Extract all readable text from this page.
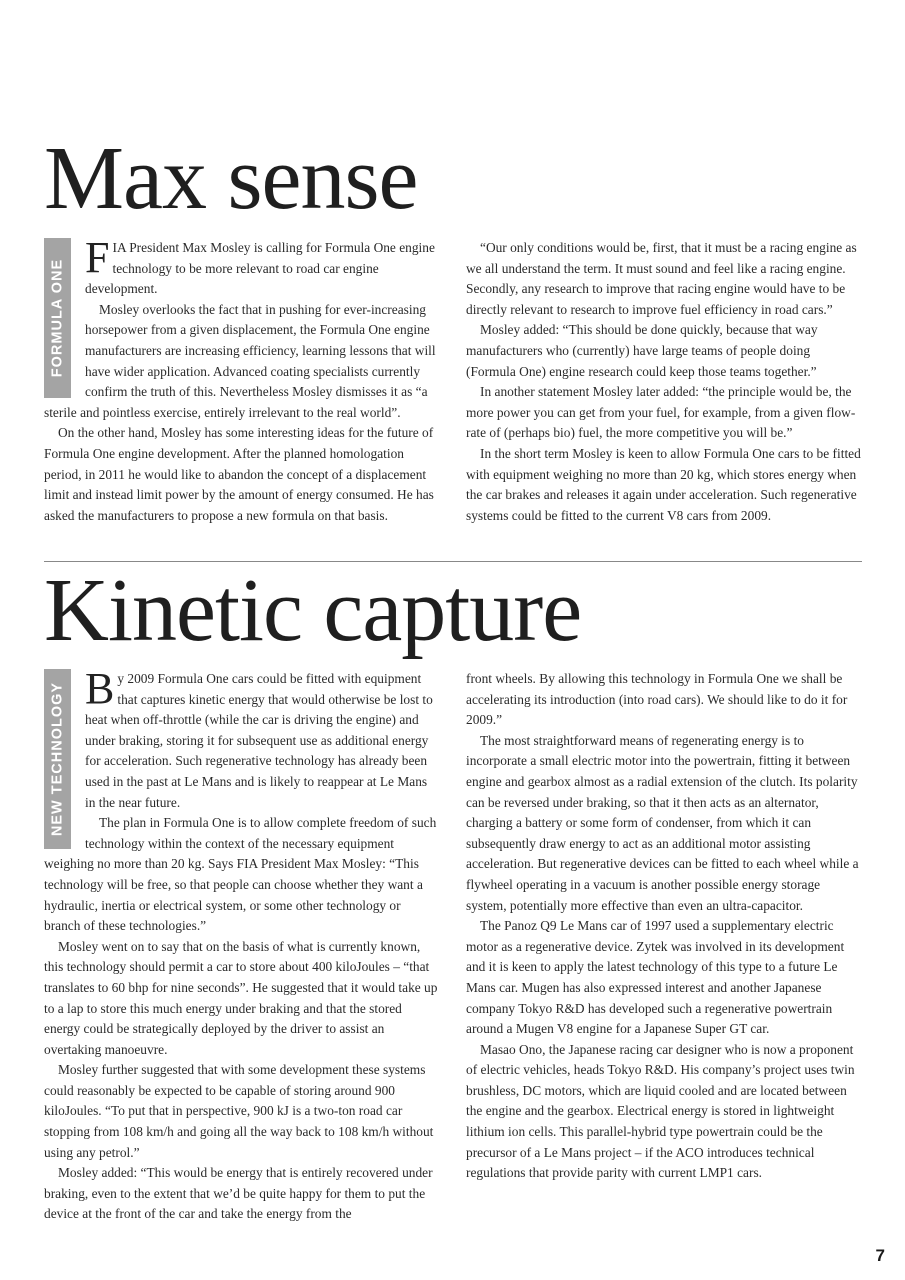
Max sense
FORMULA ONE
F IA President Max Mosley is calling for Formula One engine technology to be more relevant to road car engine development.

Mosley overlooks the fact that in pushing for ever-increasing horsepower from a given displacement, the Formula One engine manufacturers are increasing efficiency, learning lessons that will have wider application. Advanced coating specialists currently confirm the truth of this. Nevertheless Mosley dismisses it as “a sterile and pointless exercise, entirely irrelevant to the real world”.

On the other hand, Mosley has some interesting ideas for the future of Formula One engine development. After the planned homologation period, in 2011 he would like to abandon the concept of a displacement limit and instead limit power by the amount of energy consumed. He has asked the manufacturers to propose a new formula on that basis.

“Our only conditions would be, first, that it must be a racing engine as we all understand the term. It must sound and feel like a racing engine. Secondly, any research to improve that racing engine would have to be directly relevant to research to improve fuel efficiency in road cars.”

Mosley added: “This should be done quickly, because that way manufacturers who (currently) have large teams of people doing (Formula One) engine research could keep those teams together.”

In another statement Mosley later added: “the principle would be, the more power you can get from your fuel, for example, from a given flow-rate of (perhaps bio) fuel, the more competitive you will be.”

In the short term Mosley is keen to allow Formula One cars to be fitted with equipment weighing no more than 20 kg, which stores energy when the car brakes and releases it again under acceleration. Such regenerative systems could be fitted to the current V8 cars from 2009.

Kinetic capture
NEW TECHNOLOGY B y 2009 Formula One cars could be fitted with equipment that captures kinetic energy that would otherwise be lost to heat when off-throttle (while the car is driving the engine) and under braking, storing it for subsequent use as additional energy for acceleration. Such regenerative technology has already been used in the past at Le Mans and is likely to reappear at Le Mans in the near future.

The plan in Formula One is to allow complete freedom of such technology within the context of the necessary equipment weighing no more than 20 kg. Says FIA President Max Mosley: “This technology will be free, so that people can choose whether they want a hydraulic, inertia or electrical system, or some other technology or branch of these technologies.”

Mosley went on to say that on the basis of what is currently known, this technology should permit a car to store about 400 kiloJoules – “that translates to 60 bhp for nine seconds”. He suggested that it would take up to a lap to store this much energy under braking and that the stored energy could be strategically deployed by the driver to assist an overtaking manoeuvre.

Mosley further suggested that with some development these systems could reasonably be expected to be capable of storing around 900 kiloJoules. “To put that in perspective, 900 kJ is a two-ton road car stopping from 108 km/h and going all the way back to 108 km/h without using any petrol.”

Mosley added: “This would be energy that is entirely recovered under braking, even to the extent that we’d be quite happy for them to put the device at the front of the car and take the energy from the

front wheels. By allowing this technology in Formula One we shall be accelerating its introduction (into road cars). We should like to do it for 2009.”

The most straightforward means of regenerating energy is to incorporate a small electric motor into the powertrain, fitting it between engine and gearbox almost as a radial extension of the clutch. Its polarity can be reversed under braking, so that it then acts as an alternator, charging a battery or some form of condenser, from which it can subsequently draw energy to act as an additional motor assisting acceleration. But regenerative devices can be fitted to each wheel while a flywheel operating in a vacuum is another possible energy storage system, potentially more effective than even an ultra-capacitor.

The Panoz Q9 Le Mans car of 1997 used a supplementary electric motor as a regenerative device. Zytek was involved in its development and it is keen to apply the latest technology of this type to a future Le Mans car. Mugen has also expressed interest and another Japanese company Tokyo R&D has developed such a regenerative powertrain around a Mugen V8 engine for a Japanese Super GT car.

Masao Ono, the Japanese racing car designer who is now a proponent of electric vehicles, heads Tokyo R&D. His company’s project uses twin brushless, DC motors, which are liquid cooled and are located between the engine and the gearbox. Electrical energy is stored in lightweight lithium ion cells. This parallel-hybrid type powertrain could be the precursor of a Le Mans project – if the ACO introduces technical regulations that provide parity with current LMP1 cars.

7
